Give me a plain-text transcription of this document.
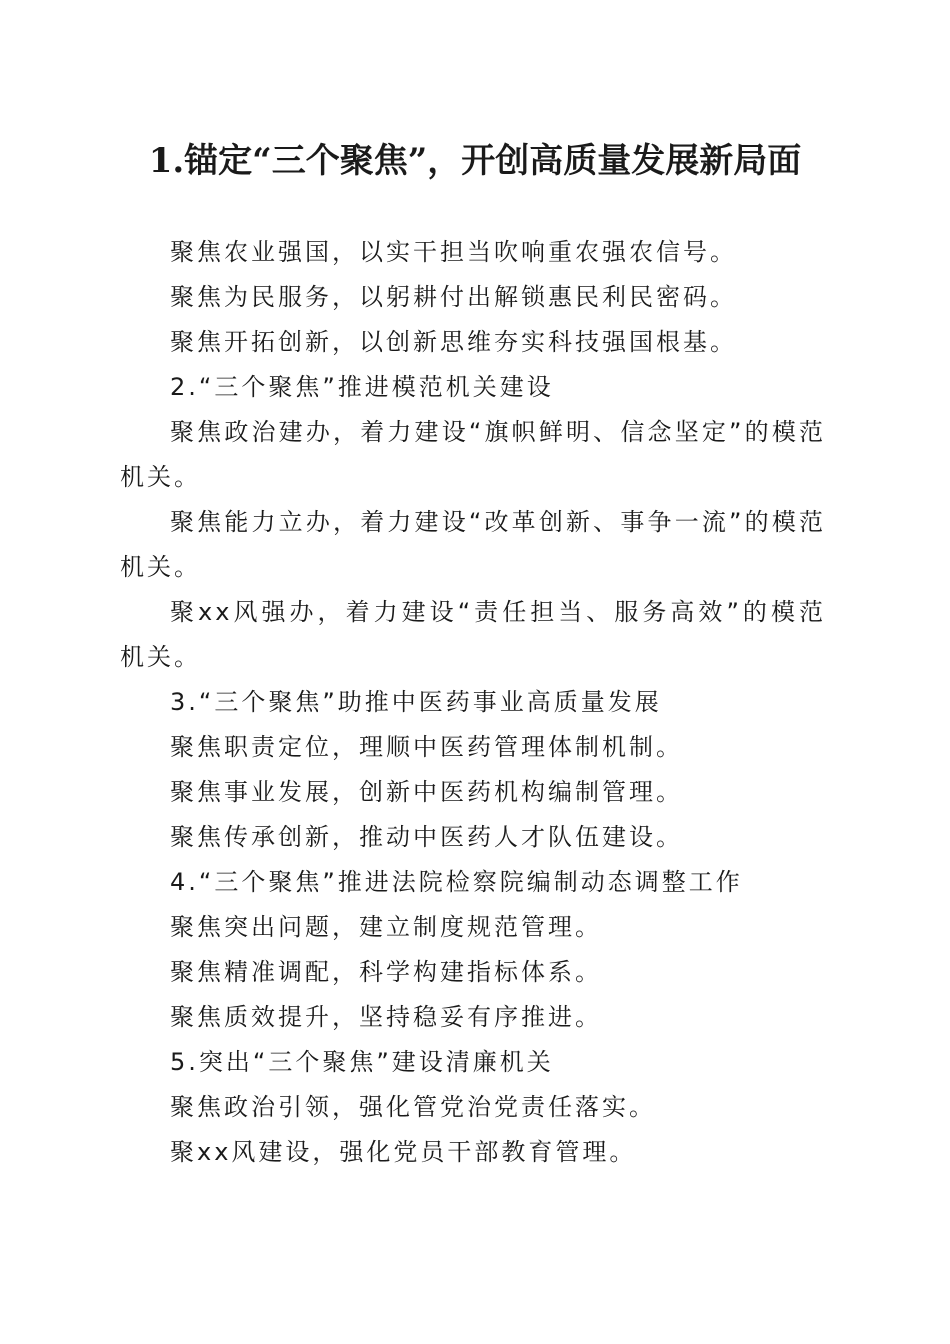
1.锚定“三个聚焦”，开创高质量发展新局面

聚焦农业强国，以实干担当吹响重农强农信号。

聚焦为民服务，以躬耕付出解锁惠民利民密码。

聚焦开拓创新，以创新思维夯实科技强国根基。

2.“三个聚焦”推进模范机关建设

聚焦政治建办，着力建设“旗帜鲜明、信念坚定”的模范机关。

聚焦能力立办，着力建设“改革创新、事争一流”的模范机关。

聚xx风强办，着力建设“责任担当、服务高效”的模范机关。

3.“三个聚焦”助推中医药事业高质量发展

聚焦职责定位，理顺中医药管理体制机制。

聚焦事业发展，创新中医药机构编制管理。

聚焦传承创新，推动中医药人才队伍建设。

4.“三个聚焦”推进法院检察院编制动态调整工作

聚焦突出问题，建立制度规范管理。

聚焦精准调配，科学构建指标体系。

聚焦质效提升，坚持稳妥有序推进。

5.突出“三个聚焦”建设清廉机关

聚焦政治引领，强化管党治党责任落实。

聚xx风建设，强化党员干部教育管理。
